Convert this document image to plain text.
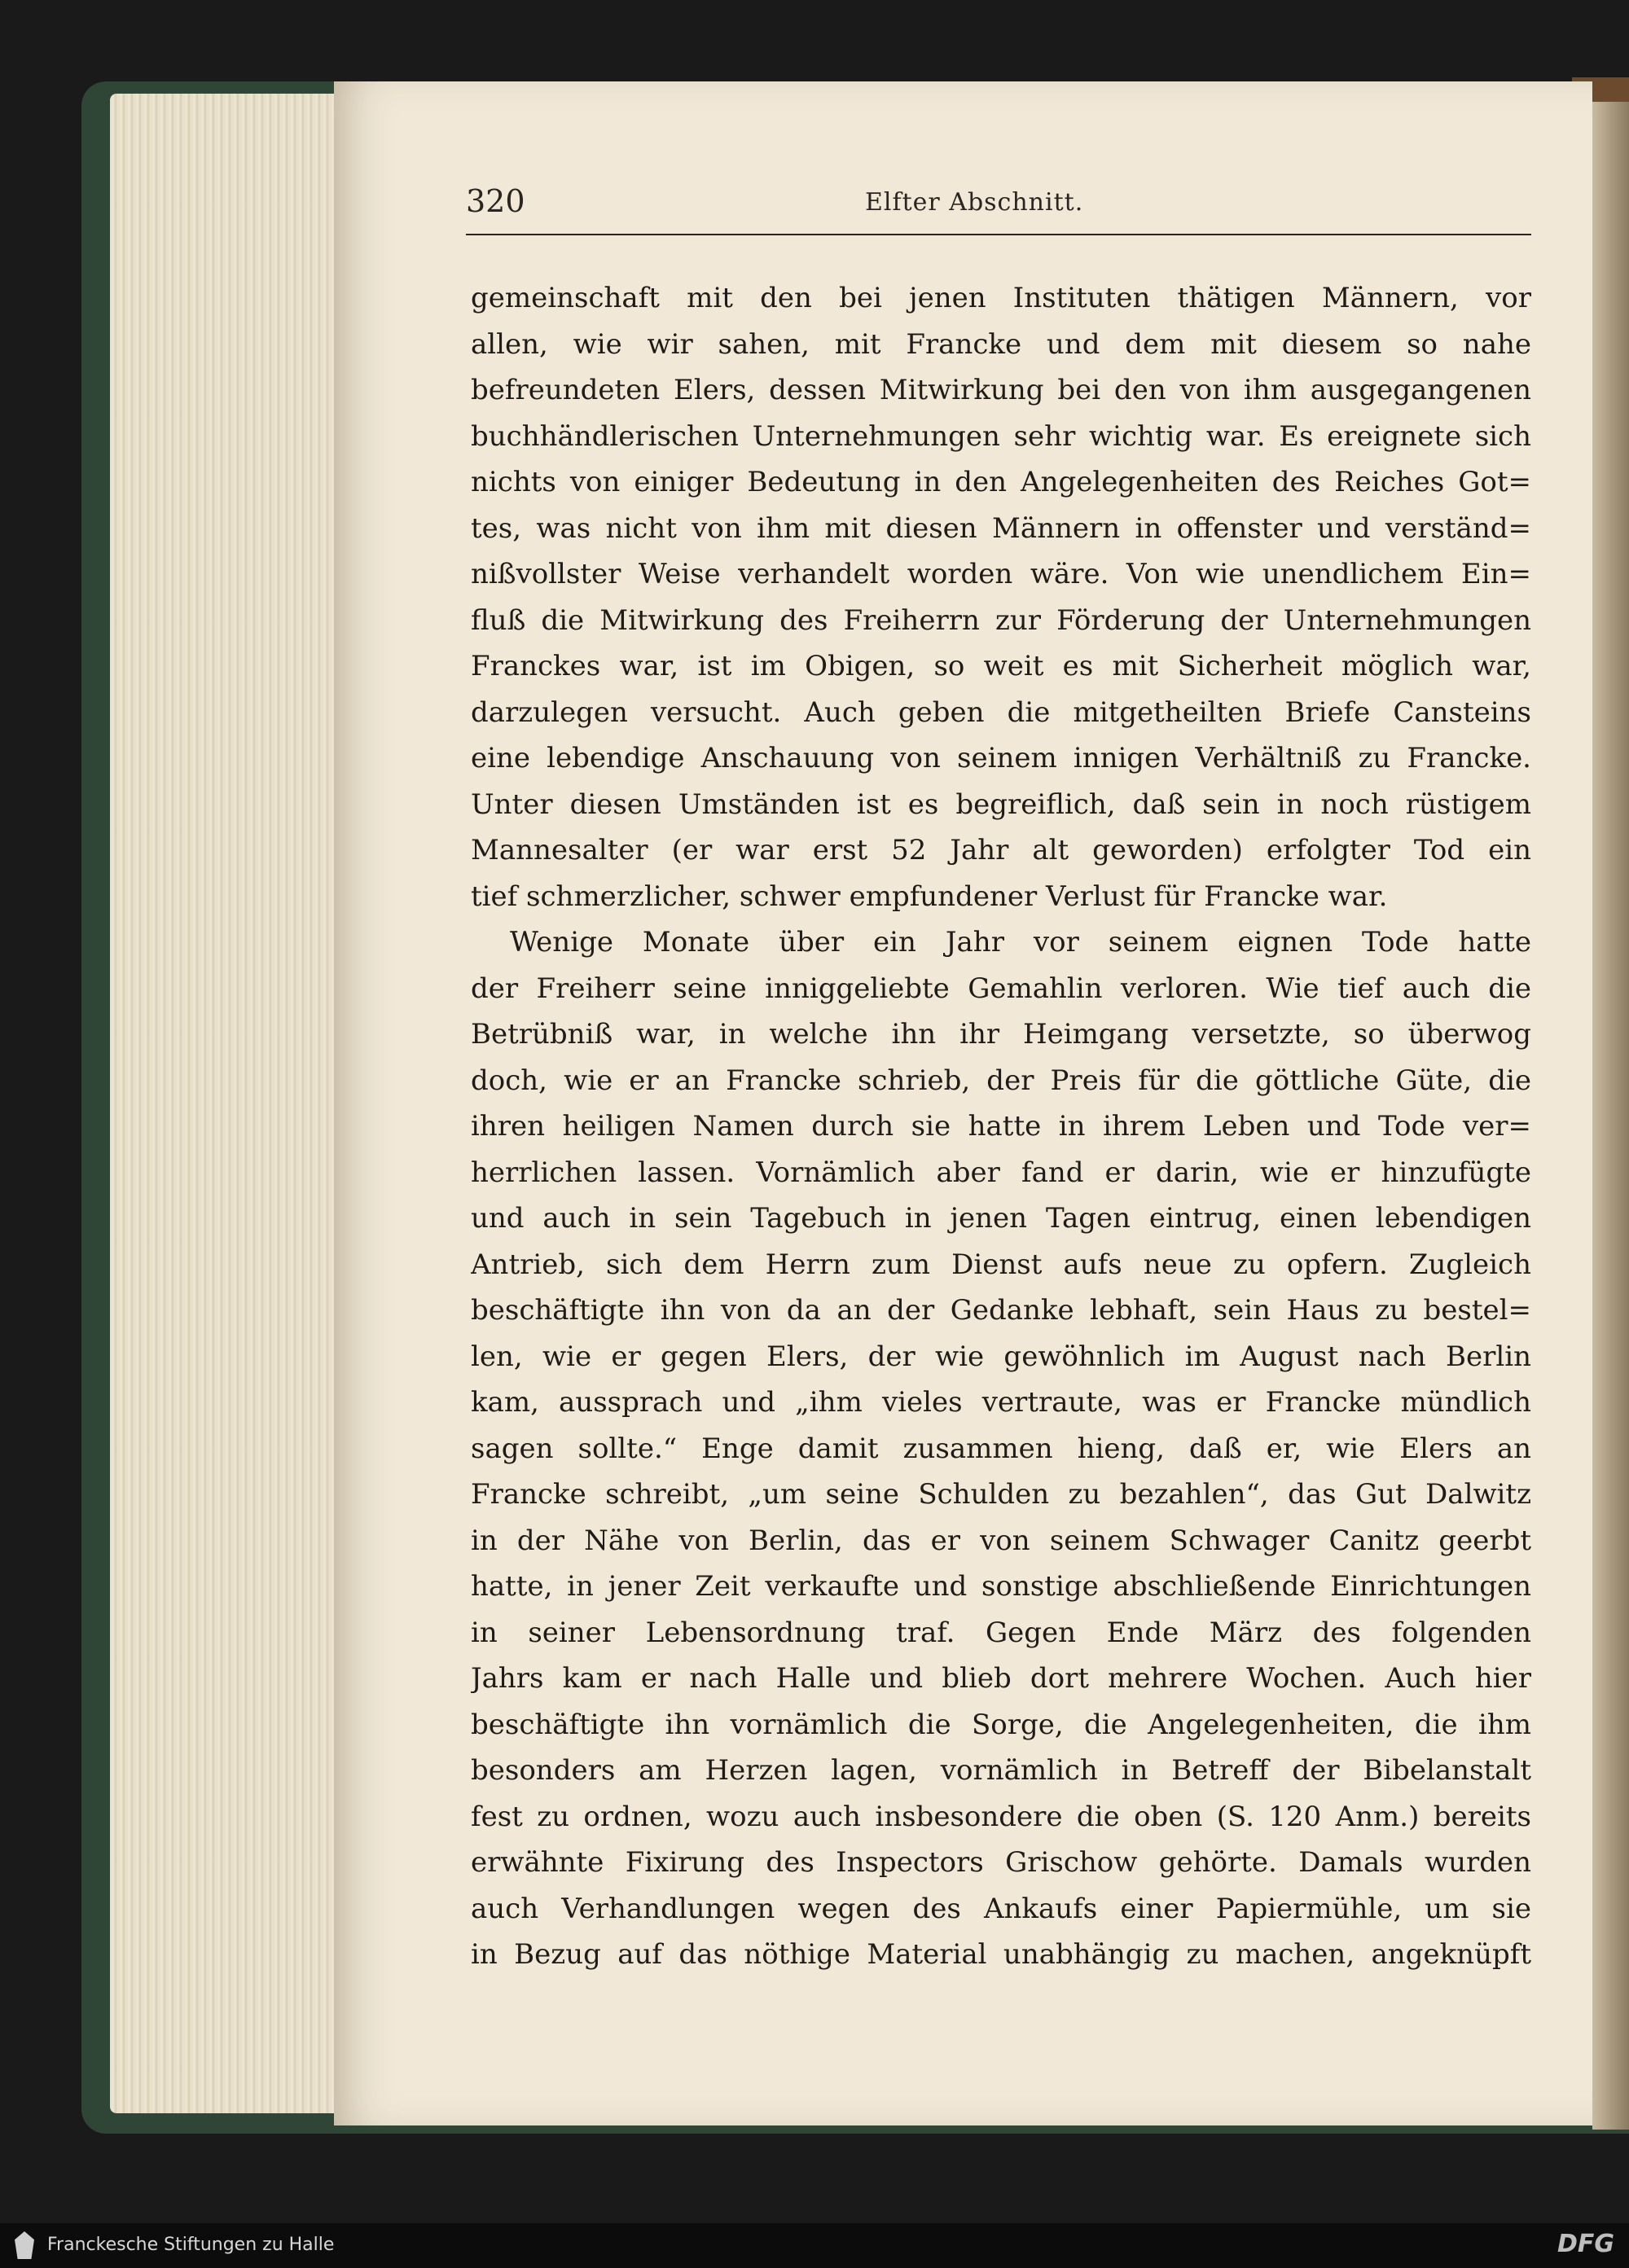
320	Elfter Abschnitt.
gemeinschaft mit den bei jenen Instituten thätigen Männern, vor
allen, wie wir sahen, mit Francke und dem mit diesem so nahe
befreundeten Elers, dessen Mitwirkung bei den von ihm ausgegangenen
buchhändlerischen Unternehmungen sehr wichtig war. Es ereignete sich
nichts von einiger Bedeutung in den Angelegenheiten des Reiches Got=
tes, was nicht von ihm mit diesen Männern in offenster und verständ=
nißvollster Weise verhandelt worden wäre. Von wie unendlichem Ein=
fluß die Mitwirkung des Freiherrn zur Förderung der Unternehmungen
Franckes war, ist im Obigen, so weit es mit Sicherheit möglich war,
darzulegen versucht. Auch geben die mitgetheilten Briefe Cansteins
eine lebendige Anschauung von seinem innigen Verhältniß zu Francke.
Unter diesen Umständen ist es begreiflich, daß sein in noch rüstigem
Mannesalter (er war erst 52 Jahr alt geworden) erfolgter Tod ein
tief schmerzlicher, schwer empfundener Verlust für Francke war.
Wenige Monate über ein Jahr vor seinem eignen Tode hatte
der Freiherr seine inniggeliebte Gemahlin verloren. Wie tief auch die
Betrübniß war, in welche ihn ihr Heimgang versetzte, so überwog
doch, wie er an Francke schrieb, der Preis für die göttliche Güte, die
ihren heiligen Namen durch sie hatte in ihrem Leben und Tode ver=
herrlichen lassen. Vornämlich aber fand er darin, wie er hinzufügte
und auch in sein Tagebuch in jenen Tagen eintrug, einen lebendigen
Antrieb, sich dem Herrn zum Dienst aufs neue zu opfern. Zugleich
beschäftigte ihn von da an der Gedanke lebhaft, sein Haus zu bestel=
len, wie er gegen Elers, der wie gewöhnlich im August nach Berlin
kam, aussprach und „ihm vieles vertraute, was er Francke mündlich
sagen sollte.“ Enge damit zusammen hieng, daß er, wie Elers an
Francke schreibt, „um seine Schulden zu bezahlen“, das Gut Dalwitz
in der Nähe von Berlin, das er von seinem Schwager Canitz geerbt
hatte, in jener Zeit verkaufte und sonstige abschließende Einrichtungen
in seiner Lebensordnung traf. Gegen Ende März des folgenden
Jahrs kam er nach Halle und blieb dort mehrere Wochen. Auch hier
beschäftigte ihn vornämlich die Sorge, die Angelegenheiten, die ihm
besonders am Herzen lagen, vornämlich in Betreff der Bibelanstalt
fest zu ordnen, wozu auch insbesondere die oben (S. 120 Anm.) bereits
erwähnte Fixirung des Inspectors Grischow gehörte. Damals wurden
auch Verhandlungen wegen des Ankaufs einer Papiermühle, um sie
in Bezug auf das nöthige Material unabhängig zu machen, angeknüpft
Franckesche Stiftungen zu Halle	DFG
